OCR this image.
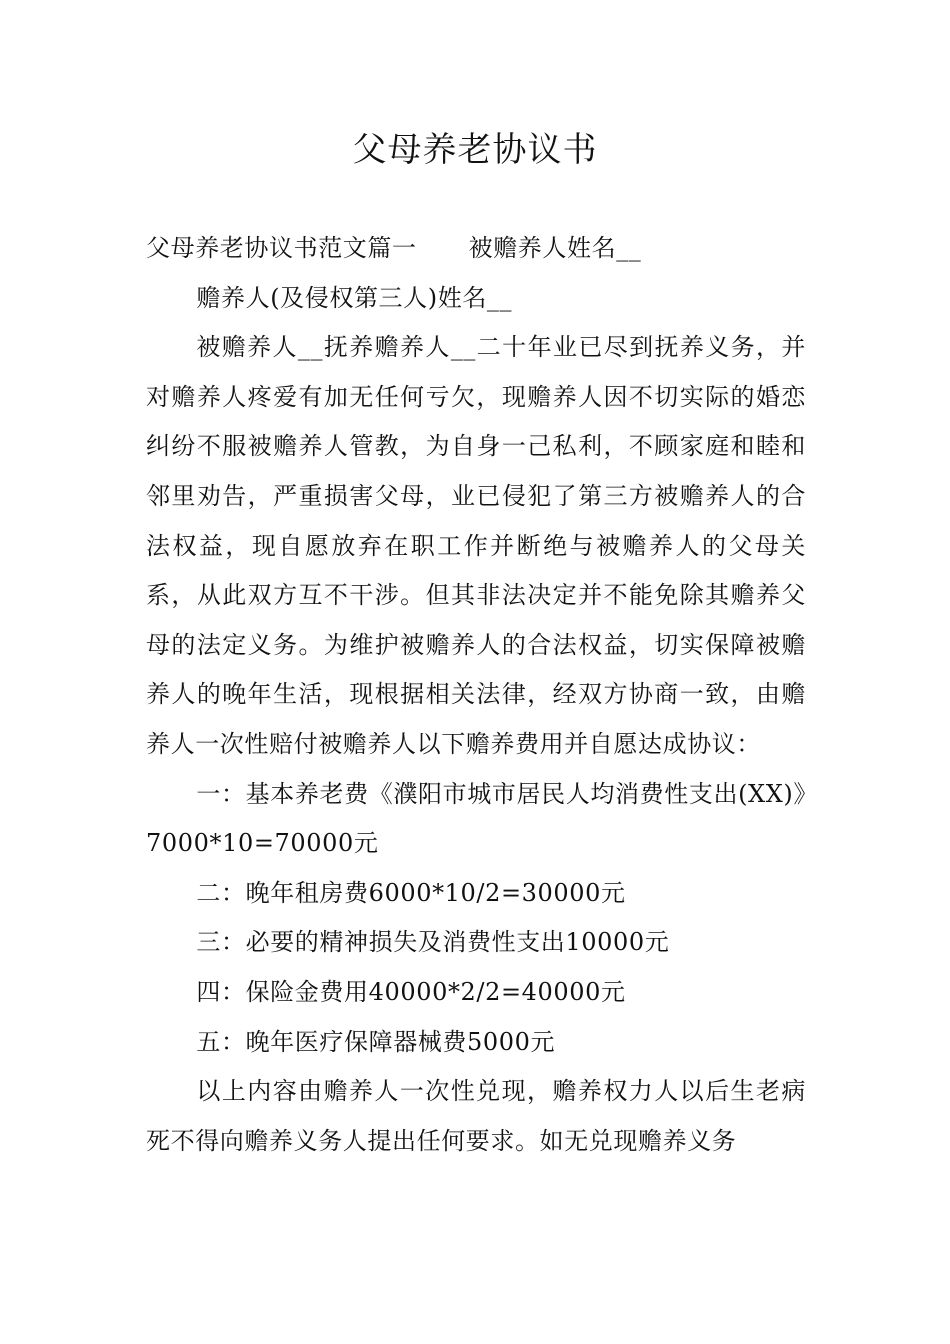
父母养老协议书

父母养老协议书范文篇一 被赡养人姓名__

赡养人(及侵权第三人)姓名__

被赡养人__抚养赡养人__二十年业已尽到抚养义务，并对赡养人疼爱有加无任何亏欠，现赡养人因不切实际的婚恋纠纷不服被赡养人管教，为自身一己私利，不顾家庭和睦和邻里劝告，严重损害父母，业已侵犯了第三方被赡养人的合法权益，现自愿放弃在职工作并断绝与被赡养人的父母关系，从此双方互不干涉。但其非法决定并不能免除其赡养父母的法定义务。为维护被赡养人的合法权益，切实保障被赡养人的晚年生活，现根据相关法律，经双方协商一致，由赡养人一次性赔付被赡养人以下赡养费用并自愿达成协议：

一：基本养老费《濮阳市城市居民人均消费性支出(XX)》7000*10=70000元

二：晚年租房费6000*10/2=30000元

三：必要的精神损失及消费性支出10000元

四：保险金费用40000*2/2=40000元

五：晚年医疗保障器械费5000元

以上内容由赡养人一次性兑现，赡养权力人以后生老病死不得向赡养义务人提出任何要求。如无兑现赡养义务
